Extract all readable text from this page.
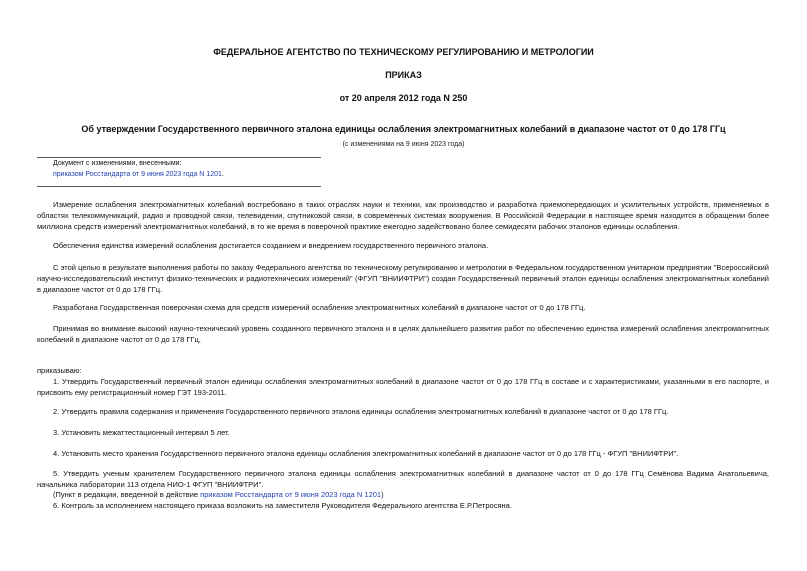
ФЕДЕРАЛЬНОЕ АГЕНТСТВО ПО ТЕХНИЧЕСКОМУ РЕГУЛИРОВАНИЮ И МЕТРОЛОГИИ
ПРИКАЗ
от 20 апреля 2012 года N 250
Об утверждении Государственного первичного эталона единицы ослабления электромагнитных колебаний в диапазоне частот от 0 до 178 ГГц
(с изменениями на 9 июня 2023 года)
Документ с изменениями, внесенными:
приказом Росстандарта от 9 июня 2023 года N 1201.
Измерение ослабления электромагнитных колебаний востребовано в таких отраслях науки и техники, как производство и разработка приемопередающих и усилительных устройств, применяемых в областях телекоммуникаций, радио и проводной связи, телевидении, спутниковой связи, в современных системах вооружения. В Российской Федерации в настоящее время находится в обращении более миллиона средств измерений электромагнитных колебаний, в то же время в поверочной практике ежегодно задействовано более семидесяти рабочих эталонов единицы ослабления.
Обеспечения единства измерений ослабления достигается созданием и внедрением государственного первичного эталона.
С этой целью в результате выполнения работы по заказу Федерального агентства по техническому регулированию и метрологии в Федеральном государственном унитарном предприятии "Всероссийский научно-исследовательский институт физико-технических и радиотехнических измерений" (ФГУП "ВНИИФТРИ") создан Государственный первичный эталон единицы ослабления электромагнитных колебаний в диапазоне частот от 0 до 178 ГГц.
Разработана Государственная поверочная схема для средств измерений ослабления электромагнитных колебаний в диапазоне частот от 0 до 178 ГГц.
Принимая во внимание высокий научно-технический уровень созданного первичного эталона и в целях дальнейшего развития работ по обеспечению единства измерений ослабления электромагнитных колебаний в диапазоне частот от 0 до 178 ГГц,
приказываю:
1. Утвердить Государственный первичный эталон единицы ослабления электромагнитных колебаний в диапазоне частот от 0 до 178 ГГц в составе и с характеристиками, указанными в его паспорте, и присвоить ему регистрационный номер ГЭТ 193-2011.
2. Утвердить правила содержания и применения Государственного первичного эталона единицы ослабления электромагнитных колебаний в диапазоне частот от 0 до 178 ГГц.
3. Установить межаттестационный интервал 5 лет.
4. Установить место хранения Государственного первичного эталона единицы ослабления электромагнитных колебаний в диапазоне частот от 0 до 178 ГГц - ФГУП "ВНИИФТРИ".
5. Утвердить ученым хранителем Государственного первичного эталона единицы ослабления электромагнитных колебаний в диапазоне частот от 0 до 178 ГГц Семёнова Вадима Анатольевича, начальника лаборатории 113 отдела НИО-1 ФГУП "ВНИИФТРИ".
(Пункт в редакции, введенной в действие приказом Росстандарта от 9 июня 2023 года N 1201)
6. Контроль за исполнением настоящего приказа возложить на заместителя Руководителя Федерального агентства Е.Р.Петросяна.
